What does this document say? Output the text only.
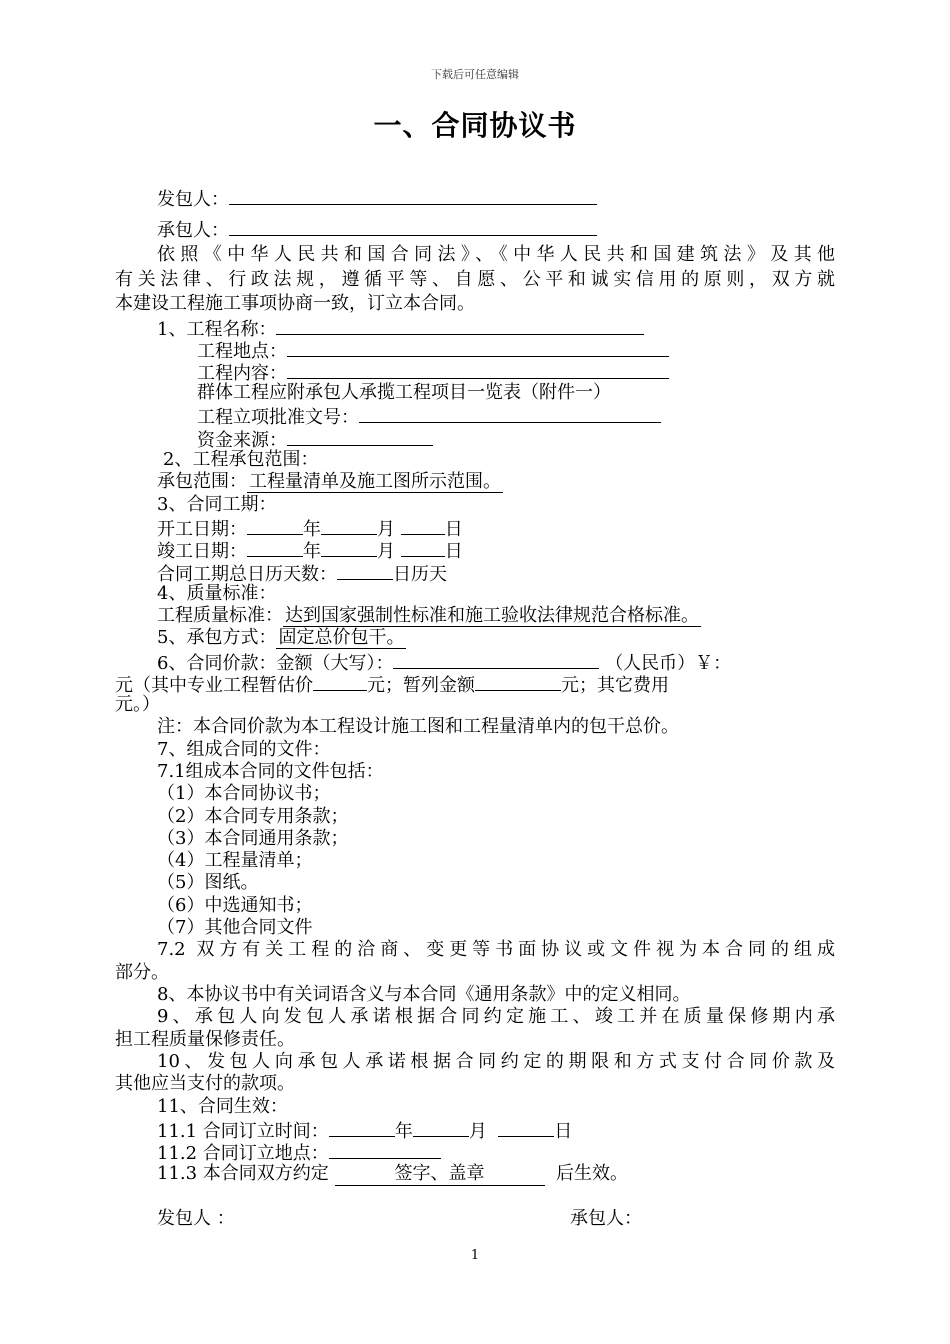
下载后可任意编辑
一、合同协议书
发包人：
承包人：
依照《中华人民共和国合同法》、《中华人民共和国建筑法》及其他
有关法律、行政法规，遵循平等、自愿、公平和诚实信用的原则，双方就
本建设工程施工事项协商一致，订立本合同。
1、工程名称：
工程地点：
工程内容：
群体工程应附承包人承揽工程项目一览表（附件一）
工程立项批准文号：
资金来源：
2、工程承包范围：
承包范围： 工程量清单及施工图所示范围。
3、合同工期：
开工日期：	年	月	日
竣工日期：	年	月	日
合同工期总日历天数：	日历天
4、质量标准：
工程质量标准： 达到国家强制性标准和施工验收法律规范合格标准。
5、承包方式： 固定总价包干。
6、合同价款：金额（大写）：	（人民币）￥：
元（其中专业工程暂估价	元；暂列金额	元；其它费用
元。）
注：本合同价款为本工程设计施工图和工程量清单内的包干总价。
7、组成合同的文件：
7.1组成本合同的文件包括：
（1）本合同协议书；
（2）本合同专用条款；
（3）本合同通用条款；
（4）工程量清单；
（5）图纸。
（6）中选通知书；
（7）其他合同文件
7.2 双方有关工程的洽商、变更等书面协议或文件视为本合同的组成
部分。
8、本协议书中有关词语含义与本合同《通用条款》中的定义相同。
9、承包人向发包人承诺根据合同约定施工、竣工并在质量保修期内承
担工程质量保修责任。
10、发包人向承包人承诺根据合同约定的期限和方式支付合同价款及
其他应当支付的款项。
11、合同生效：
11.1 合同订立时间：	年	月	日
11.2 合同订立地点：
11.3 本合同双方约定	签字、盖章	后生效。
发包人 ：	承包人：
1
